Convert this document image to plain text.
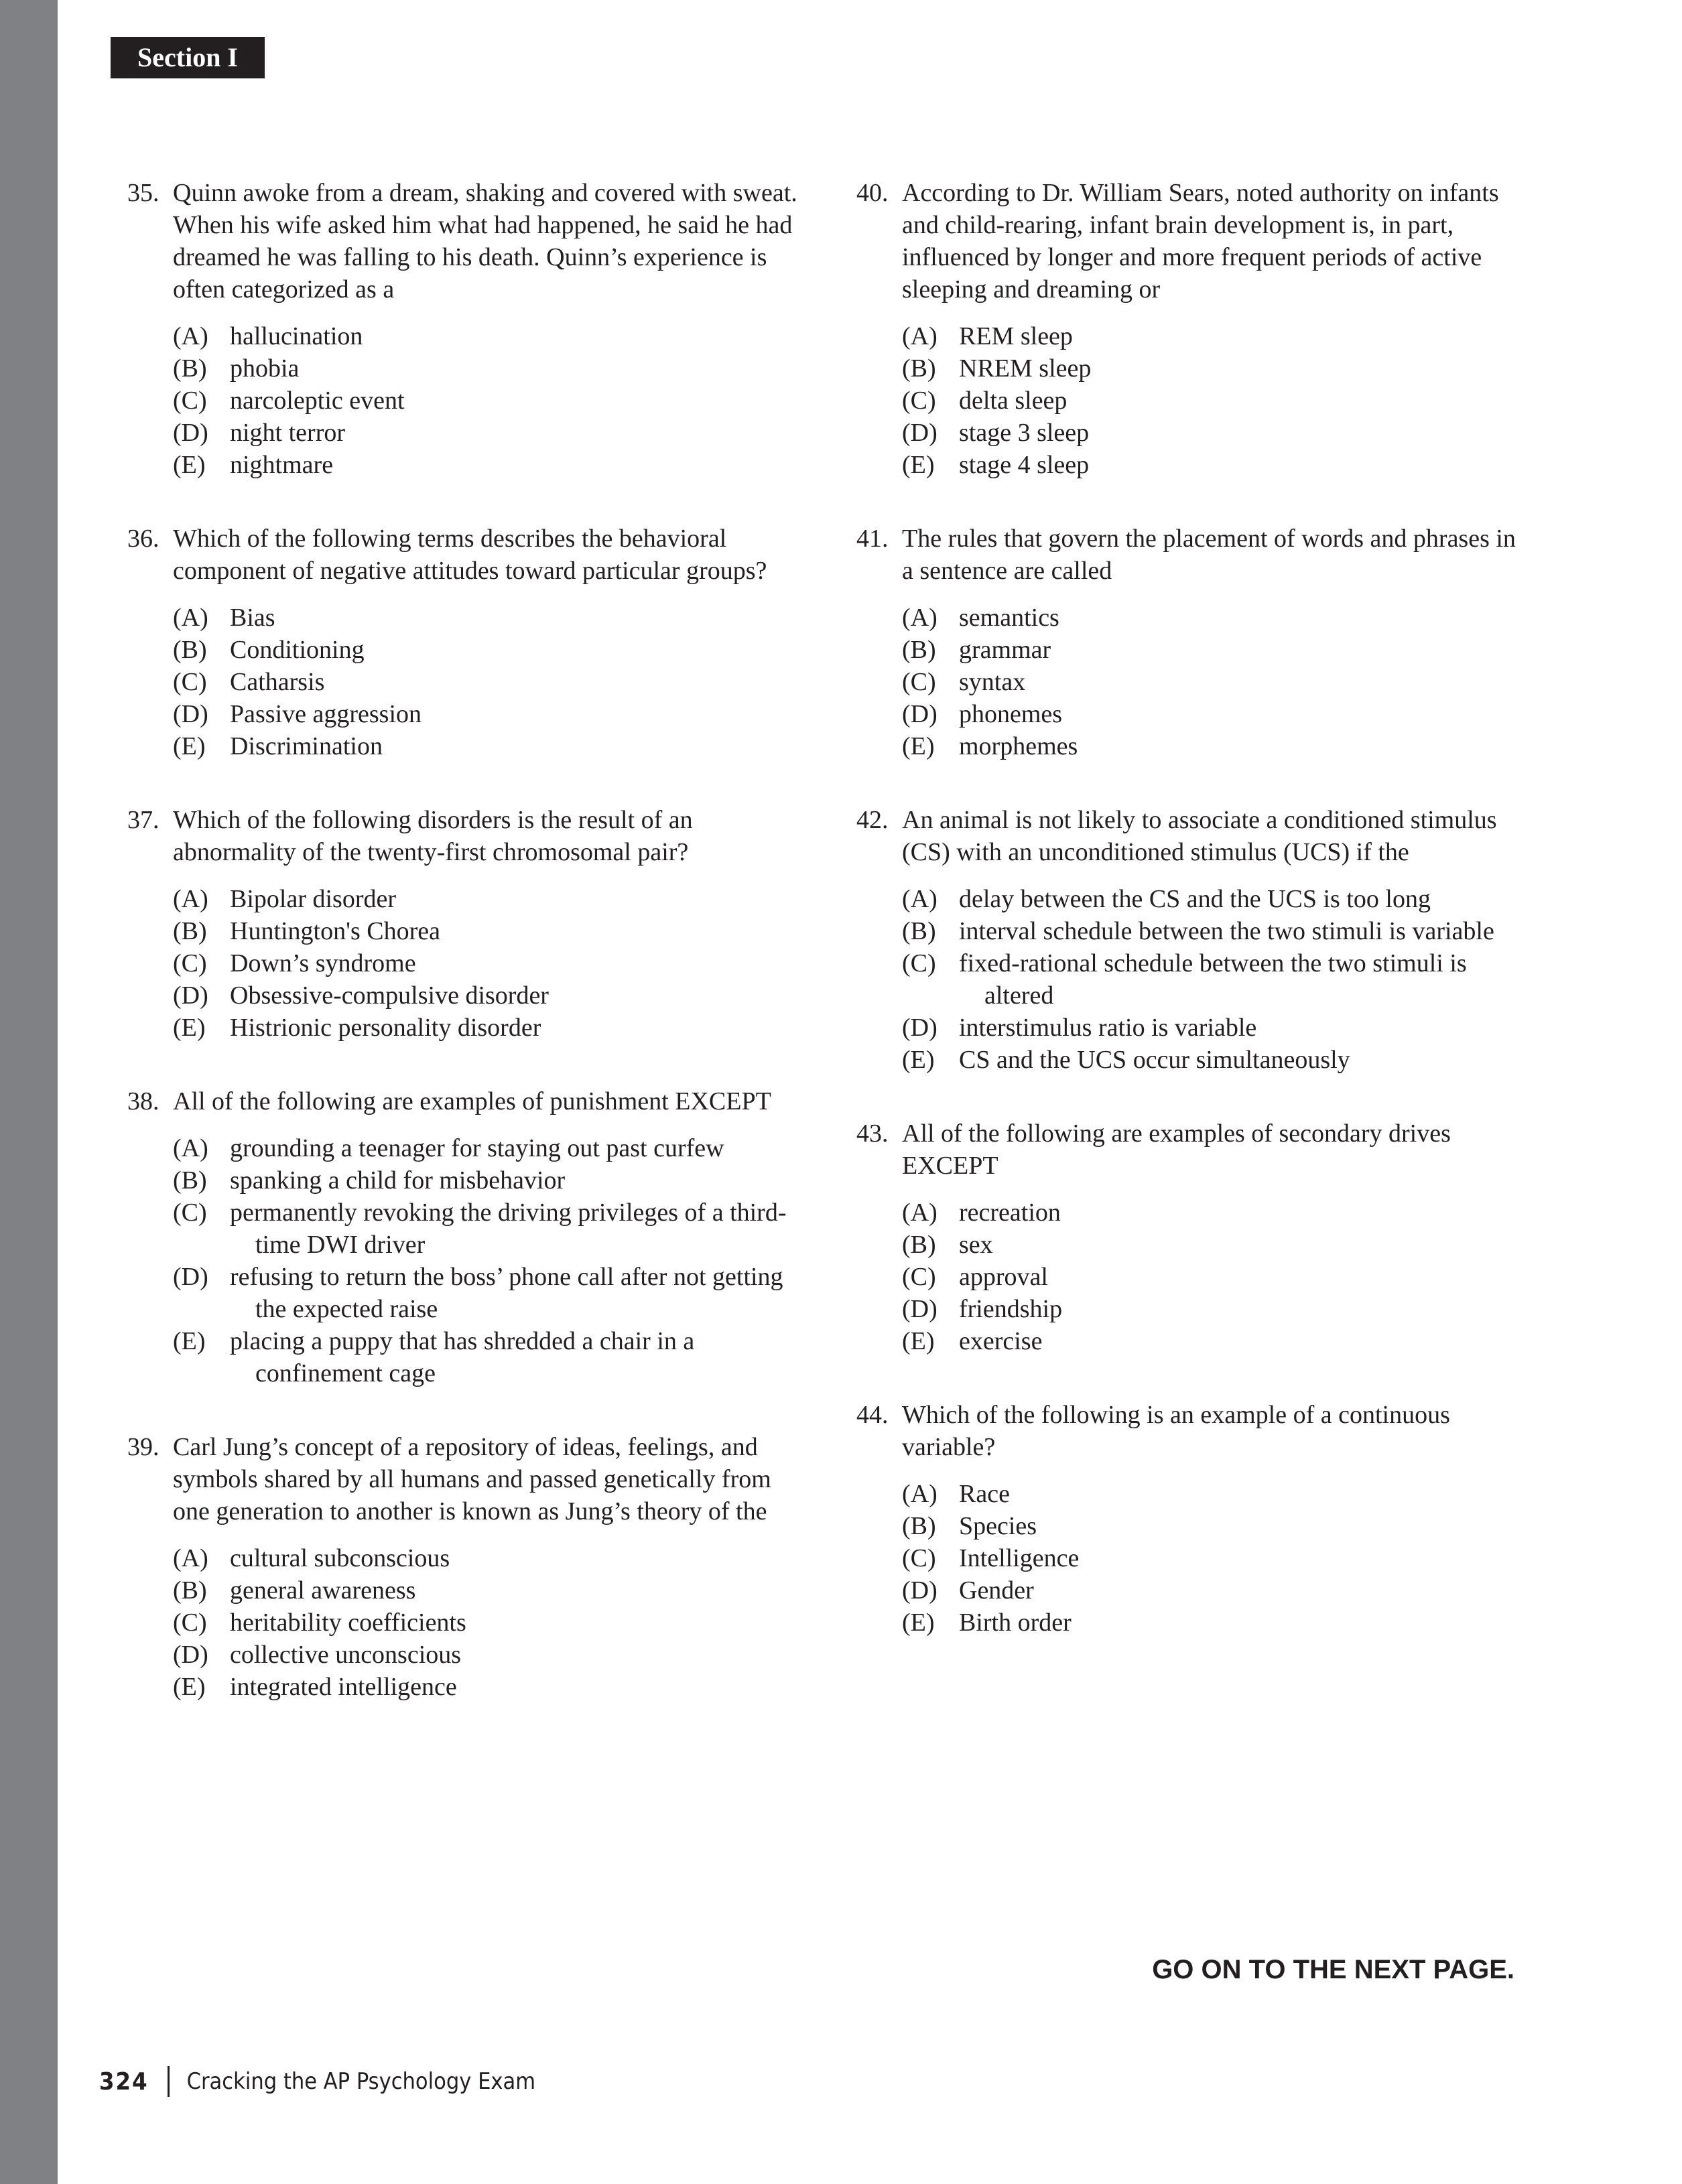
Section I
35. Quinn awoke from a dream, shaking and covered with sweat. When his wife asked him what had happened, he said he had dreamed he was falling to his death. Quinn’s experience is often categorized as a
(A) hallucination
(B) phobia
(C) narcoleptic event
(D) night terror
(E) nightmare
36. Which of the following terms describes the behavioral component of negative attitudes toward particular groups?
(A) Bias
(B) Conditioning
(C) Catharsis
(D) Passive aggression
(E) Discrimination
37. Which of the following disorders is the result of an abnormality of the twenty-first chromosomal pair?
(A) Bipolar disorder
(B) Huntington's Chorea
(C) Down’s syndrome
(D) Obsessive-compulsive disorder
(E) Histrionic personality disorder
38. All of the following are examples of punishment EXCEPT
(A) grounding a teenager for staying out past curfew
(B) spanking a child for misbehavior
(C) permanently revoking the driving privileges of a third-time DWI driver
(D) refusing to return the boss’ phone call after not getting the expected raise
(E) placing a puppy that has shredded a chair in a confinement cage
39. Carl Jung’s concept of a repository of ideas, feelings, and symbols shared by all humans and passed genetically from one generation to another is known as Jung’s theory of the
(A) cultural subconscious
(B) general awareness
(C) heritability coefficients
(D) collective unconscious
(E) integrated intelligence
40. According to Dr. William Sears, noted authority on infants and child-rearing, infant brain development is, in part, influenced by longer and more frequent periods of active sleeping and dreaming or
(A) REM sleep
(B) NREM sleep
(C) delta sleep
(D) stage 3 sleep
(E) stage 4 sleep
41. The rules that govern the placement of words and phrases in a sentence are called
(A) semantics
(B) grammar
(C) syntax
(D) phonemes
(E) morphemes
42. An animal is not likely to associate a conditioned stimulus (CS) with an unconditioned stimulus (UCS) if the
(A) delay between the CS and the UCS is too long
(B) interval schedule between the two stimuli is variable
(C) fixed-rational schedule between the two stimuli is altered
(D) interstimulus ratio is variable
(E) CS and the UCS occur simultaneously
43. All of the following are examples of secondary drives EXCEPT
(A) recreation
(B) sex
(C) approval
(D) friendship
(E) exercise
44. Which of the following is an example of a continuous variable?
(A) Race
(B) Species
(C) Intelligence
(D) Gender
(E) Birth order
GO ON TO THE NEXT PAGE.
324 Cracking the AP Psychology Exam
